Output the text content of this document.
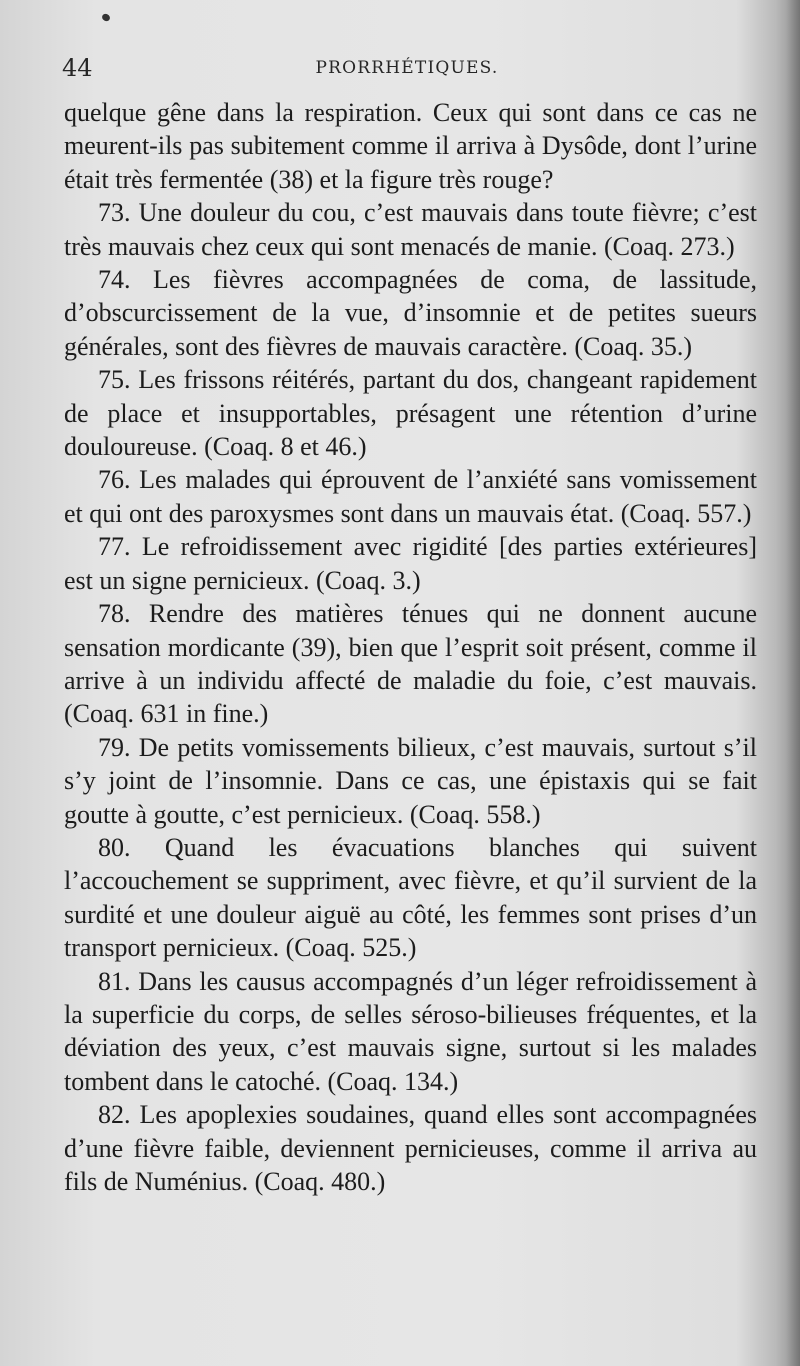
44	PRORRHÉTIQUES.

quelque gêne dans la respiration. Ceux qui sont dans ce cas ne meurent-ils pas subitement comme il arriva à Dysôde, dont l’urine était très fermentée (38) et la figure très rouge?

73. Une douleur du cou, c’est mauvais dans toute fièvre; c’est très mauvais chez ceux qui sont menacés de manie. (Coaq. 273.)

74. Les fièvres accompagnées de coma, de lassitude, d’obscurcissement de la vue, d’insomnie et de petites sueurs générales, sont des fièvres de mauvais caractère. (Coaq. 35.)

75. Les frissons réitérés, partant du dos, changeant rapidement de place et insupportables, présagent une rétention d’urine douloureuse. (Coaq. 8 et 46.)

76. Les malades qui éprouvent de l’anxiété sans vomissement et qui ont des paroxysmes sont dans un mauvais état. (Coaq. 557.)

77. Le refroidissement avec rigidité [des parties extérieures] est un signe pernicieux. (Coaq. 3.)

78. Rendre des matières ténues qui ne donnent aucune sensation mordicante (39), bien que l’esprit soit présent, comme il arrive à un individu affecté de maladie du foie, c’est mauvais. (Coaq. 631 in fine.)

79. De petits vomissements bilieux, c’est mauvais, surtout s’il s’y joint de l’insomnie. Dans ce cas, une épistaxis qui se fait goutte à goutte, c’est pernicieux. (Coaq. 558.)

80. Quand les évacuations blanches qui suivent l’accouchement se suppriment, avec fièvre, et qu’il survient de la surdité et une douleur aiguë au côté, les femmes sont prises d’un transport pernicieux. (Coaq. 525.)

81. Dans les causus accompagnés d’un léger refroidissement à la superficie du corps, de selles séroso-bilieuses fréquentes, et la déviation des yeux, c’est mauvais signe, surtout si les malades tombent dans le catoché. (Coaq. 134.)

82. Les apoplexies soudaines, quand elles sont accompagnées d’une fièvre faible, deviennent pernicieuses, comme il arriva au fils de Numénius. (Coaq. 480.)
